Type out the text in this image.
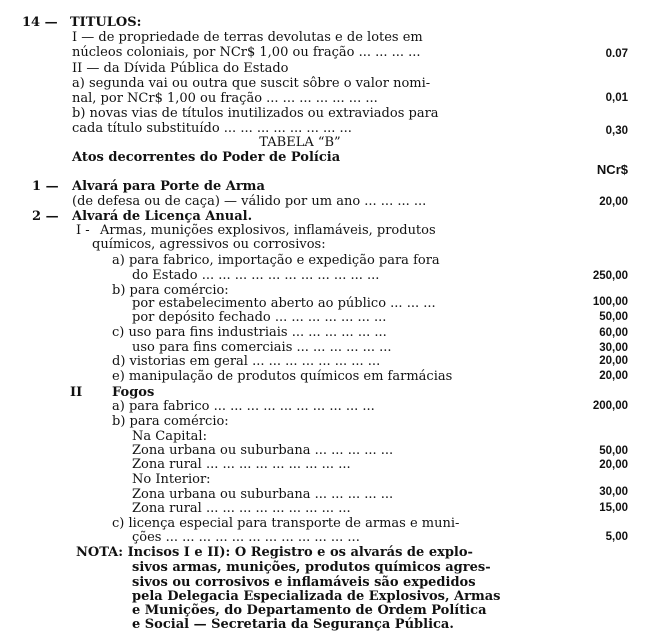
14 — TITULOS:
I — de propriedade de terras devolutas e de lotes em
núcleos coloniais, por NCr$ 1,00 ou fração ... ... ... ...	0.07
II — da Dívida Pública do Estado
a) segunda vai ou outra que suscit sôbre o valor nomi-
nal, por NCr$ 1,00 ou fração ... ... ... ... ... ... ...	0,01
b) novas vias de títulos inutilizados ou extraviados para
cada título substituído ... ... ... ... ... ... ... ...	0,30
TABELA “B”
Atos decorrentes do Poder de Polícia
NCr$
1 — Alvará para Porte de Arma
(de defesa ou de caça) — válido por um ano ... ... ... ...	20,00
2 — Alvará de Licença Anual.
I - Armas, munições explosivos, inflamáveis, produtos
químicos, agressivos ou corrosivos:
a) para fabrico, importação e expedição para fora
do Estado ... ... ... ... ... ... ... ... ... ... ...	250,00
b) para comércio:
por estabelecimento aberto ao público ... ... ...	100,00
por depósito fechado ... ... ... ... ... ... ...	50,00
c) uso para fins industriais ... ... ... ... ... ...	60,00
uso para fins comerciais ... ... ... ... ... ...	30,00
d) vistorias em geral ... ... ... ... ... ... ... ...	20,00
e) manipulação de produtos químicos em farmácias	20,00
II Fogos
a) para fabrico ... ... ... ... ... ... ... ... ... ...	200,00
b) para comércio:
Na Capital:
Zona urbana ou suburbana ... ... ... ... ...	50,00
Zona rural ... ... ... ... ... ... ... ... ...	20,00
No Interior:
Zona urbana ou suburbana ... ... ... ... ...	30,00
Zona rural ... ... ... ... ... ... ... ... ...	15,00
c) licença especial para transporte de armas e muni-
ções ... ... ... ... ... ... ... ... ... ... ... ...	5,00
NOTA: Incisos I e II): O Registro e os alvarás de explo-
sivos armas, munições, produtos químicos agres-
sivos ou corrosivos e inflamáveis são expedidos
pela Delegacia Especializada de Explosivos, Armas
e Munições, do Departamento de Ordem Política
e Social — Secretaria da Segurança Pública.
